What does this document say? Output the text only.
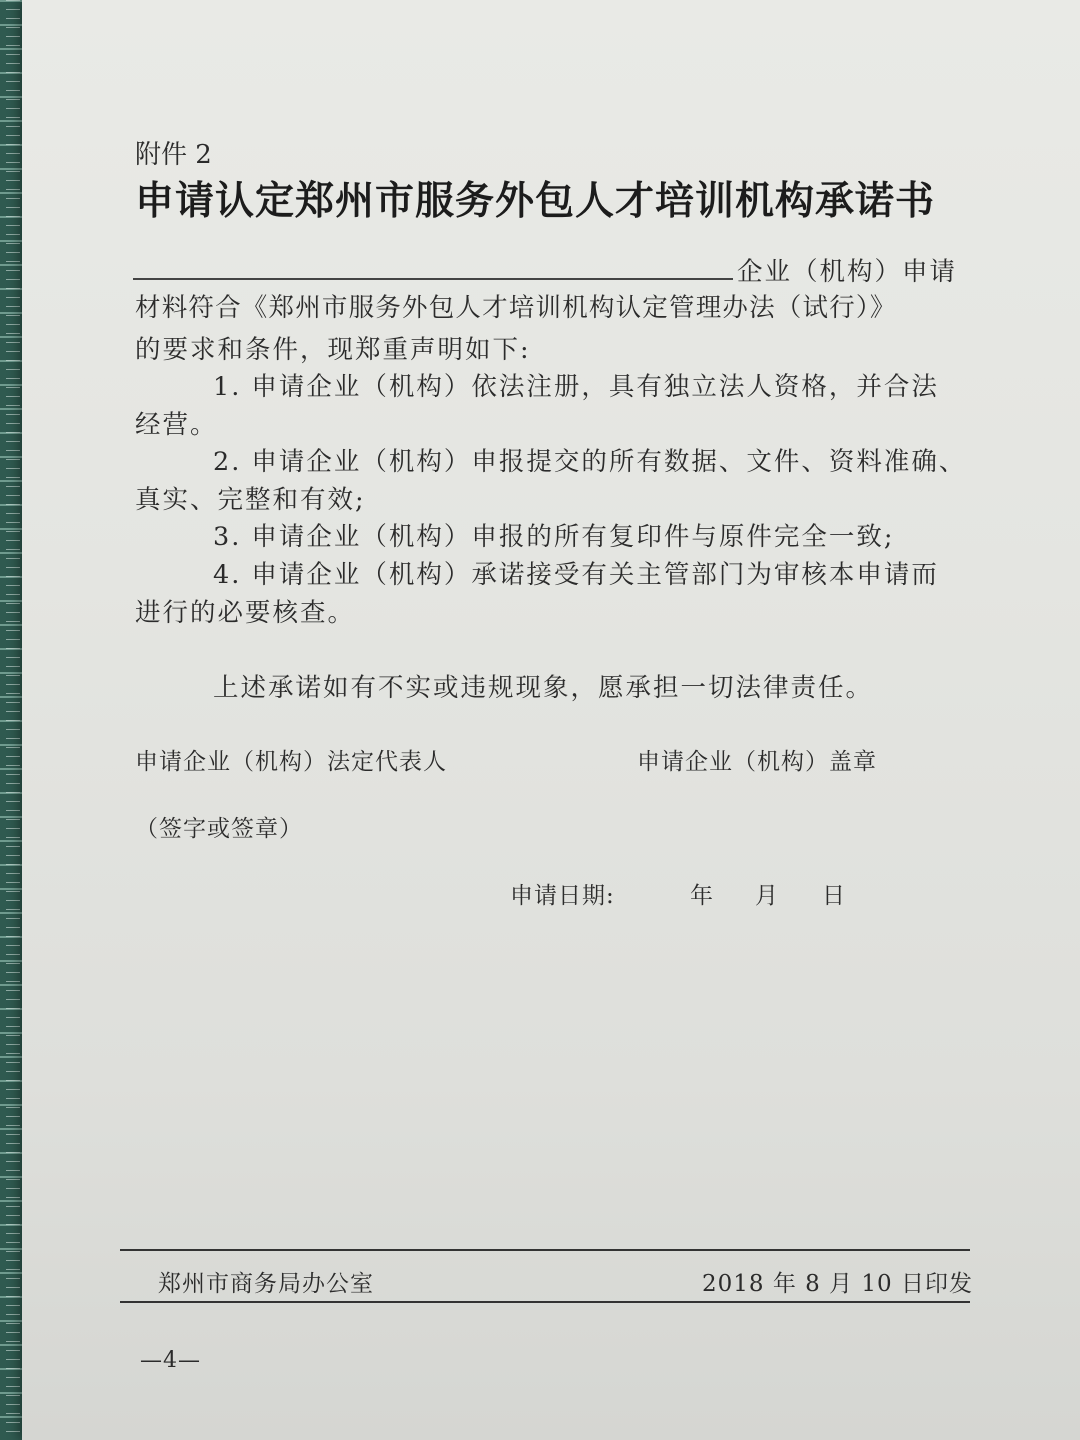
附件 2
申请认定郑州市服务外包人才培训机构承诺书
企业（机构）申请
材料符合《郑州市服务外包人才培训机构认定管理办法（试行）》
的要求和条件，现郑重声明如下:
1. 申请企业（机构）依法注册，具有独立法人资格，并合法
经营。
2. 申请企业（机构）申报提交的所有数据、文件、资料准确、
真实、完整和有效;
3. 申请企业（机构）申报的所有复印件与原件完全一致;
4. 申请企业（机构）承诺接受有关主管部门为审核本申请而
进行的必要核查。
上述承诺如有不实或违规现象，愿承担一切法律责任。
申请企业（机构）法定代表人	申请企业（机构）盖章
（签字或签章）
申请日期:	年 月 日
郑州市商务局办公室	2018 年 8 月 10 日印发
—4—
